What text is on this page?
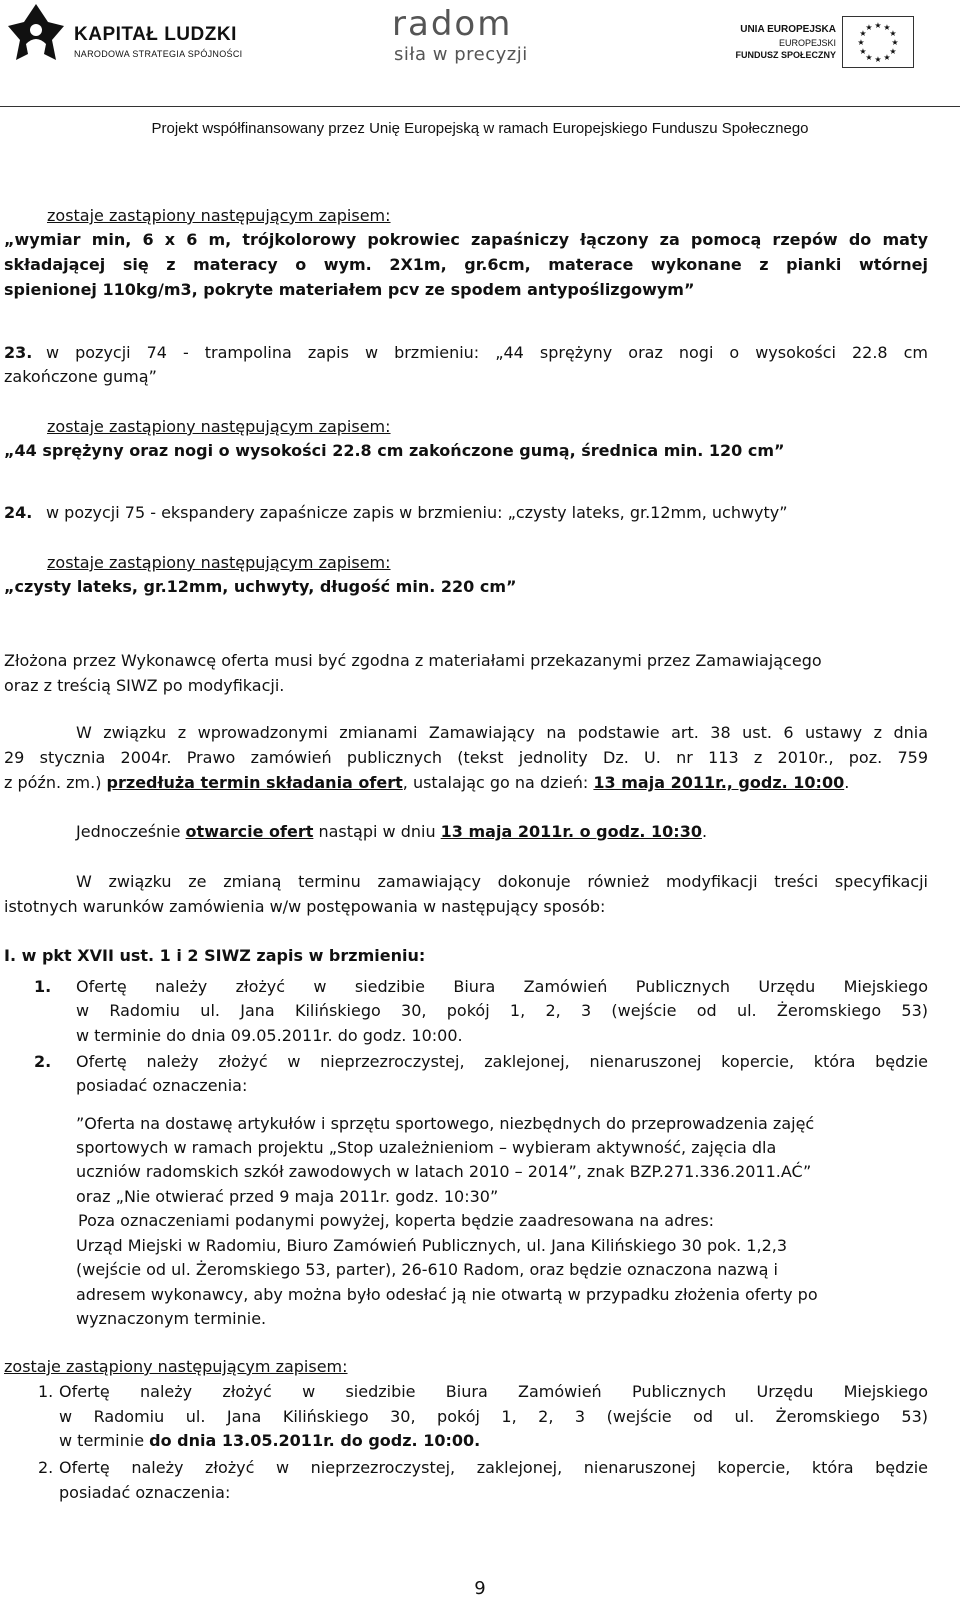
KAPITAŁ LUDZKI
NARODOWA STRATEGIA SPÓJNOŚCI
radom
siła w precyzji
UNIA EUROPEJSKA
EUROPEJSKI
FUNDUSZ SPOŁECZNY
★ ★
★
★
★
★
★
★
★
★
★
★
Projekt współfinansowany przez Unię Europejską w ramach Europejskiego Funduszu Społecznego
zostaje zastąpiony następującym zapisem:
„wymiar min, 6 x 6 m, trójkolorowy pokrowiec zapaśniczy łączony za pomocą rzepów do maty
składającej się z materacy o wym. 2X1m, gr.6cm, materace wykonane z pianki wtórnej
spienionej 110kg/m3, pokryte materiałem pcv ze spodem antypoślizgowym”
23. w pozycji 74 - trampolina zapis w brzmieniu: „44 sprężyny oraz nogi o wysokości 22.8 cm
zakończone gumą”
zostaje zastąpiony następującym zapisem:
„44 sprężyny oraz nogi o wysokości 22.8 cm zakończone gumą, średnica min. 120 cm”
24. w pozycji 75 - ekspandery zapaśnicze zapis w brzmieniu: „czysty lateks, gr.12mm, uchwyty”
zostaje zastąpiony następującym zapisem:
„czysty lateks, gr.12mm, uchwyty, długość min. 220 cm”
Złożona przez Wykonawcę oferta musi być zgodna z materiałami przekazanymi przez Zamawiającego
oraz z treścią SIWZ po modyfikacji.
W związku z wprowadzonymi zmianami Zamawiający na podstawie art. 38 ust. 6 ustawy z dnia
29 stycznia 2004r. Prawo zamówień publicznych (tekst jednolity Dz. U. nr 113 z 2010r., poz. 759
z późn. zm.) przedłuża termin składania ofert, ustalając go na dzień: 13 maja 2011r., godz. 10:00.
Jednocześnie otwarcie ofert nastąpi w dniu 13 maja 2011r. o godz. 10:30.
W związku ze zmianą terminu zamawiający dokonuje również modyfikacji treści specyfikacji
istotnych warunków zamówienia w/w postępowania w następujący sposób:
I. w pkt XVII ust. 1 i 2 SIWZ zapis w brzmieniu:
1. Ofertę należy złożyć w siedzibie Biura Zamówień Publicznych Urzędu Miejskiego
w Radomiu ul. Jana Kilińskiego 30, pokój 1, 2, 3 (wejście od ul. Żeromskiego 53)
w terminie do dnia 09.05.2011r. do godz. 10:00.
2. Ofertę należy złożyć w nieprzezroczystej, zaklejonej, nienaruszonej kopercie, która będzie
posiadać oznaczenia:
”Oferta na dostawę artykułów i sprzętu sportowego, niezbędnych do przeprowadzenia zajęć
sportowych w ramach projektu „Stop uzależnieniom – wybieram aktywność, zajęcia dla
uczniów radomskich szkół zawodowych w latach 2010 – 2014”, znak BZP.271.336.2011.AĆ”
oraz „Nie otwierać przed 9 maja 2011r. godz. 10:30”
Poza oznaczeniami podanymi powyżej, koperta będzie zaadresowana na adres:
Urząd Miejski w Radomiu, Biuro Zamówień Publicznych, ul. Jana Kilińskiego 30 pok. 1,2,3
(wejście od ul. Żeromskiego 53, parter), 26-610 Radom, oraz będzie oznaczona nazwą i
adresem wykonawcy, aby można było odesłać ją nie otwartą w przypadku złożenia oferty po
wyznaczonym terminie.
zostaje zastąpiony następującym zapisem:
1. Ofertę należy złożyć w siedzibie Biura Zamówień Publicznych Urzędu Miejskiego
w Radomiu ul. Jana Kilińskiego 30, pokój 1, 2, 3 (wejście od ul. Żeromskiego 53)
w terminie do dnia 13.05.2011r. do godz. 10:00.
2. Ofertę należy złożyć w nieprzezroczystej, zaklejonej, nienaruszonej kopercie, która będzie
posiadać oznaczenia:
9
